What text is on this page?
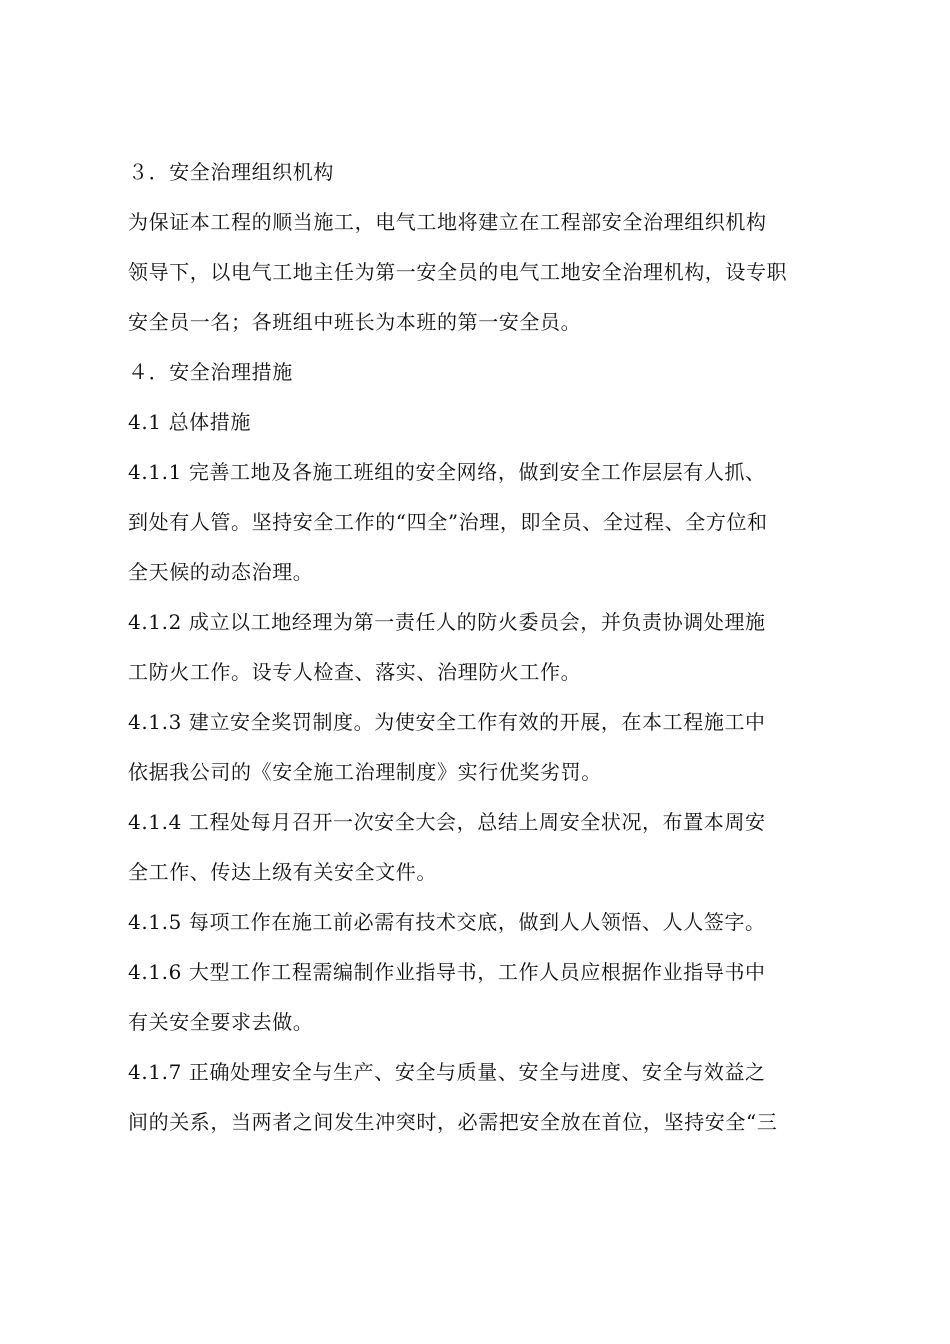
３．安全治理组织机构
为保证本工程的顺当施工，电气工地将建立在工程部安全治理组织机构
领导下，以电气工地主任为第一安全员的电气工地安全治理机构，设专职
安全员一名；各班组中班长为本班的第一安全员。
４．安全治理措施
4.1 总体措施
4.1.1 完善工地及各施工班组的安全网络，做到安全工作层层有人抓、
到处有人管。坚持安全工作的“四全”治理，即全员、全过程、全方位和
全天候的动态治理。
4.1.2 成立以工地经理为第一责任人的防火委员会，并负责协调处理施
工防火工作。设专人检查、落实、治理防火工作。
4.1.3 建立安全奖罚制度。为使安全工作有效的开展，在本工程施工中
依据我公司的《安全施工治理制度》实行优奖劣罚。
4.1.4 工程处每月召开一次安全大会，总结上周安全状况，布置本周安
全工作、传达上级有关安全文件。
4.1.5 每项工作在施工前必需有技术交底，做到人人领悟、人人签字。
4.1.6 大型工作工程需编制作业指导书，工作人员应根据作业指导书中
有关安全要求去做。
4.1.7 正确处理安全与生产、安全与质量、安全与进度、安全与效益之
间的关系，当两者之间发生冲突时，必需把安全放在首位，坚持安全“三
